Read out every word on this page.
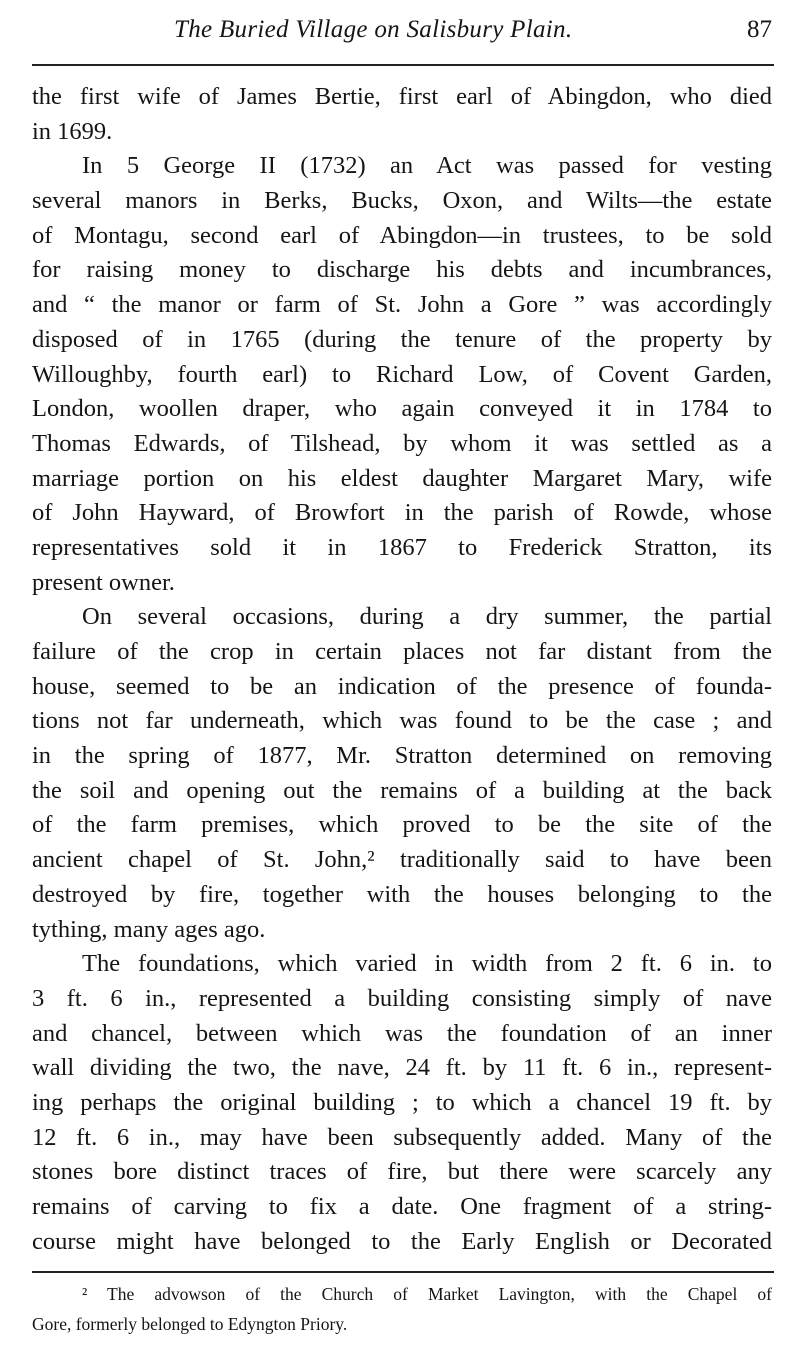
The Buried Village on Salisbury Plain.	87
the first wife of James Bertie, first earl of Abingdon, who died
in 1699.
In 5 George II (1732) an Act was passed for vesting
several manors in Berks, Bucks, Oxon, and Wilts—the estate
of Montagu, second earl of Abingdon—in trustees, to be sold
for raising money to discharge his debts and incumbrances,
and “ the manor or farm of St. John a Gore ” was accordingly
disposed of in 1765 (during the tenure of the property by
Willoughby, fourth earl) to Richard Low, of Covent Garden,
London, woollen draper, who again conveyed it in 1784 to
Thomas Edwards, of Tilshead, by whom it was settled as a
marriage portion on his eldest daughter Margaret Mary, wife
of John Hayward, of Browfort in the parish of Rowde, whose
representatives sold it in 1867 to Frederick Stratton, its
present owner.
On several occasions, during a dry summer, the partial
failure of the crop in certain places not far distant from the
house, seemed to be an indication of the presence of founda-
tions not far underneath, which was found to be the case ; and
in the spring of 1877, Mr. Stratton determined on removing
the soil and opening out the remains of a building at the back
of the farm premises, which proved to be the site of the
ancient chapel of St. John,² traditionally said to have been
destroyed by fire, together with the houses belonging to the
tything, many ages ago.
The foundations, which varied in width from 2 ft. 6 in. to
3 ft. 6 in., represented a building consisting simply of nave
and chancel, between which was the foundation of an inner
wall dividing the two, the nave, 24 ft. by 11 ft. 6 in., represent-
ing perhaps the original building ; to which a chancel 19 ft. by
12 ft. 6 in., may have been subsequently added. Many of the
stones bore distinct traces of fire, but there were scarcely any
remains of carving to fix a date. One fragment of a string-
course might have belonged to the Early English or Decorated
² The advowson of the Church of Market Lavington, with the Chapel of
Gore, formerly belonged to Edyngton Priory.
